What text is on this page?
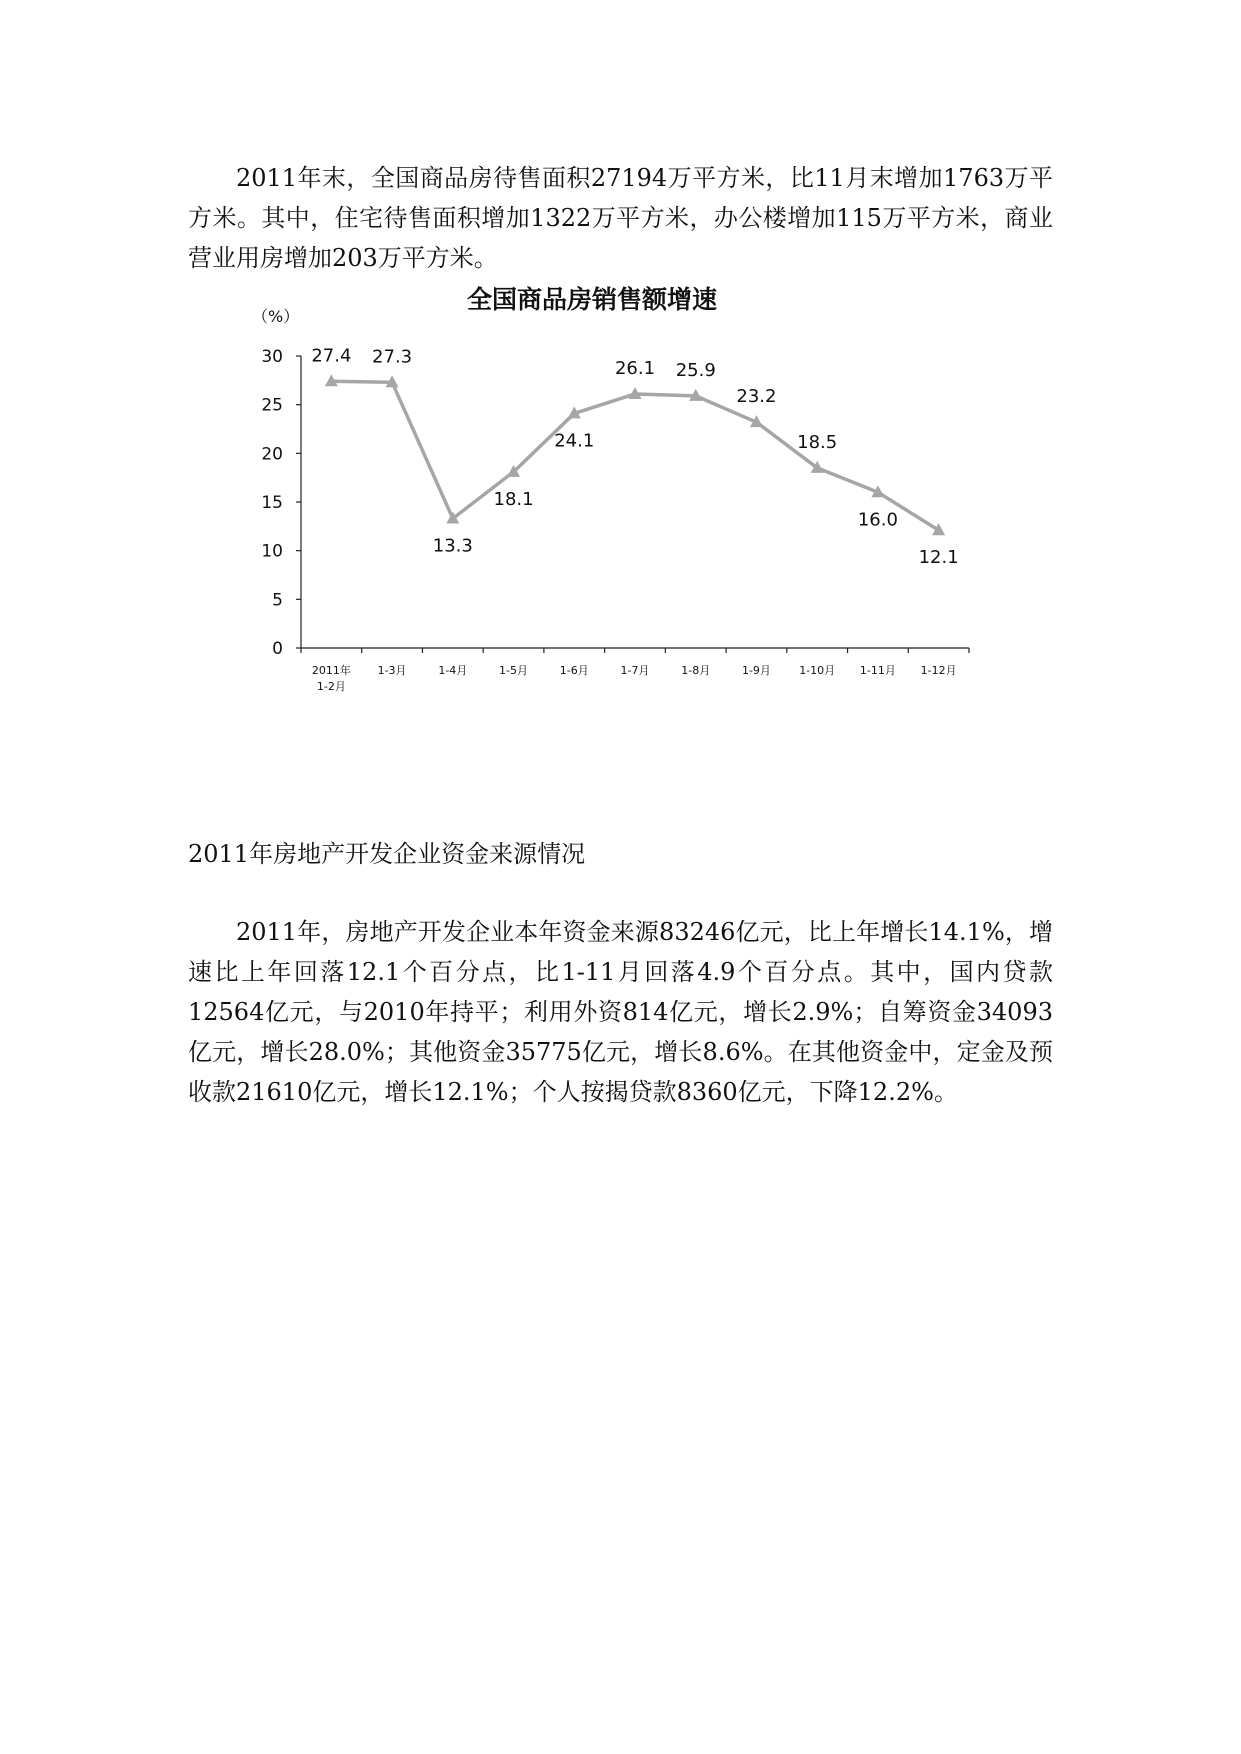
2011年末，全国商品房待售面积27194万平方米，比11月末增加1763万平方米。其中，住宅待售面积增加1322万平方米，办公楼增加115万平方米，商业营业用房增加203万平方米。

全国商品房销售额增速
（%）
0
5
10
15
20
25
30
2011年 1-2月
1-3月	1-4月	1-5月	1-6月	1-7月	1-8月	1-9月	1-10月 1-11月 1-12月
27.4 27.3
13.3
18.1
24.1
26.1 25.9
23.2
18.5
16.0
12.1

2011年房地产开发企业资金来源情况

2011年，房地产开发企业本年资金来源83246亿元，比上年增长14.1%，增速比上年回落12.1个百分点，比1-11月回落4.9个百分点。其中，国内贷款12564亿元，与2010年持平；利用外资814亿元，增长2.9%；自筹资金34093亿元，增长28.0%；其他资金35775亿元，增长8.6%。在其他资金中，定金及预收款21610亿元，增长12.1%；个人按揭贷款8360亿元，下降12.2%。
